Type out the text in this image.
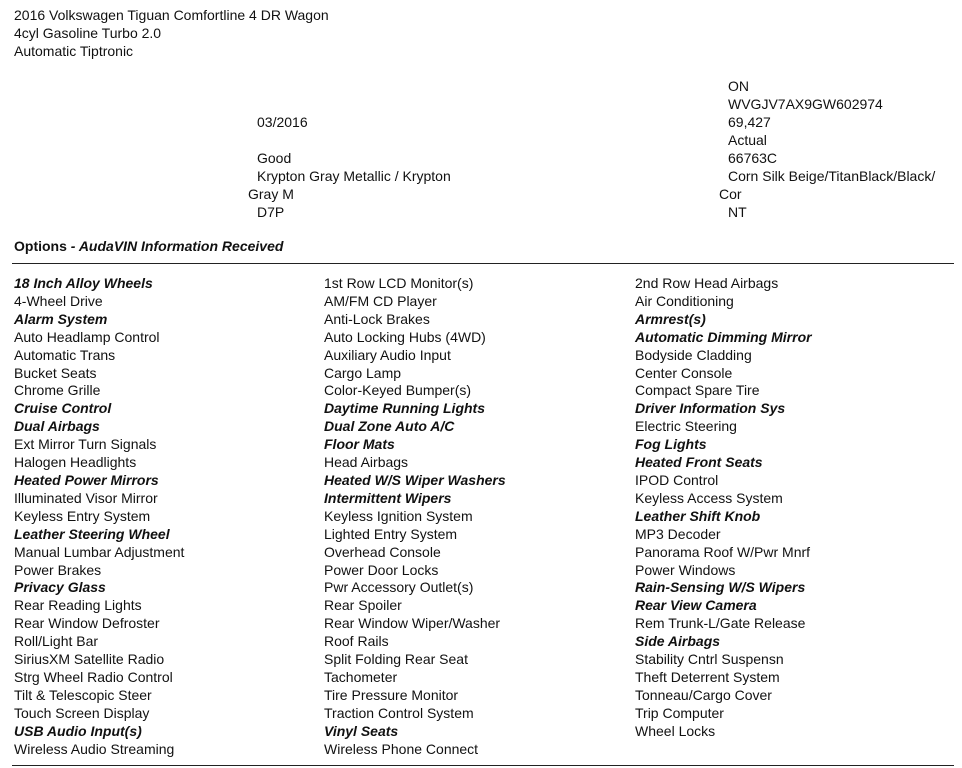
2016 Volkswagen Tiguan Comfortline 4 DR Wagon
4cyl Gasoline Turbo 2.0
Automatic Tiptronic
03/2016
Good
Krypton Gray Metallic / Krypton
Gray M
D7P
ON
WVGJV7AX9GW602974
69,427
Actual
66763C
Corn Silk Beige/TitanBlack/Black/
Cor
NT
Options - AudaVIN Information Received
18 Inch Alloy Wheels
4-Wheel Drive
Alarm System
Auto Headlamp Control
Automatic Trans
Bucket Seats
Chrome Grille
Cruise Control
Dual Airbags
Ext Mirror Turn Signals
Halogen Headlights
Heated Power Mirrors
Illuminated Visor Mirror
Keyless Entry System
Leather Steering Wheel
Manual Lumbar Adjustment
Power Brakes
Privacy Glass
Rear Reading Lights
Rear Window Defroster
Roll/Light Bar
SiriusXM Satellite Radio
Strg Wheel Radio Control
Tilt & Telescopic Steer
Touch Screen Display
USB Audio Input(s)
Wireless Audio Streaming
1st Row LCD Monitor(s)
AM/FM CD Player
Anti-Lock Brakes
Auto Locking Hubs (4WD)
Auxiliary Audio Input
Cargo Lamp
Color-Keyed Bumper(s)
Daytime Running Lights
Dual Zone Auto A/C
Floor Mats
Head Airbags
Heated W/S Wiper Washers
Intermittent Wipers
Keyless Ignition System
Lighted Entry System
Overhead Console
Power Door Locks
Pwr Accessory Outlet(s)
Rear Spoiler
Rear Window Wiper/Washer
Roof Rails
Split Folding Rear Seat
Tachometer
Tire Pressure Monitor
Traction Control System
Vinyl Seats
Wireless Phone Connect
2nd Row Head Airbags
Air Conditioning
Armrest(s)
Automatic Dimming Mirror
Bodyside Cladding
Center Console
Compact Spare Tire
Driver Information Sys
Electric Steering
Fog Lights
Heated Front Seats
IPOD Control
Keyless Access System
Leather Shift Knob
MP3 Decoder
Panorama Roof W/Pwr Mnrf
Power Windows
Rain-Sensing W/S Wipers
Rear View Camera
Rem Trunk-L/Gate Release
Side Airbags
Stability Cntrl Suspensn
Theft Deterrent System
Tonneau/Cargo Cover
Trip Computer
Wheel Locks
